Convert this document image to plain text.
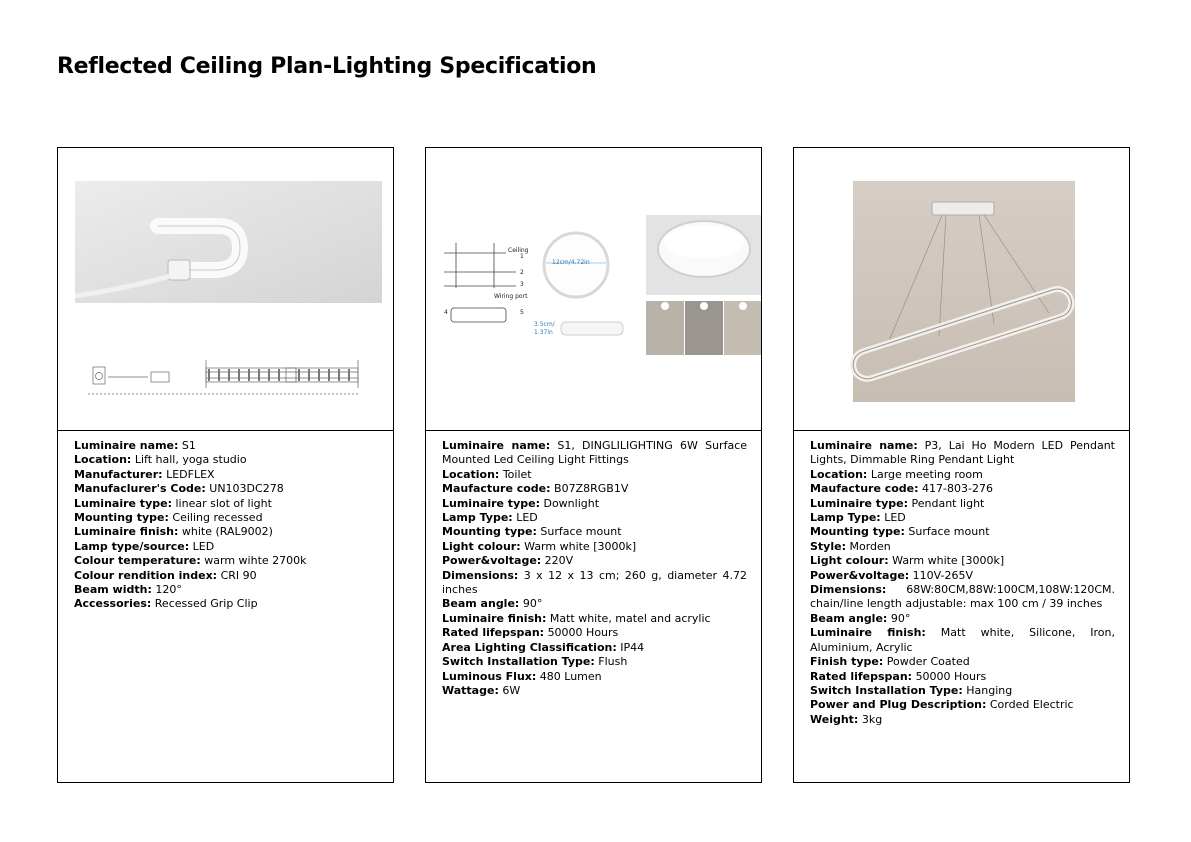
Reflected Ceiling Plan-Lighting Specification

Luminaire name: S1

Location: Lift hall, yoga studio

Manufacturer: LEDFLEX

Manufaclurer's Code: UN103DC278

Luminaire type: linear slot of light

Mounting type: Ceiling recessed

Luminaire finish: white (RAL9002)

Lamp type/source: LED

Colour temperature: warm wihte 2700k

Colour rendition index: CRI 90

Beam width: 120°

Accessories: Recessed Grip Clip

Ceiling
Wiring port
1
2
3
4	5
12cm/4.72in
3.5cm/
1.37in

Luminaire name: S1, DINGLILIGHTING 6W Surface Mounted Led Ceiling Light Fittings

Location: Toilet

Maufacture code: B07Z8RGB1V

Luminaire type: Downlight

Lamp Type: LED

Mounting type: Surface mount

Light colour: Warm white [3000k]

Power&voltage: 220V

Dimensions: 3 x 12 x 13 cm; 260 g, diameter 4.72 inches

Beam angle: 90°

Luminaire finish: Matt white, matel and acrylic

Rated lifepspan: 50000 Hours

Area Lighting Classification: IP44

Switch Installation Type: Flush

Luminous Flux: 480 Lumen

Wattage: 6W

Luminaire name: P3, Lai Ho Modern LED Pendant Lights, Dimmable Ring Pendant Light

Location: Large meeting room

Maufacture code: 417-803-276

Luminaire type: Pendant light

Lamp Type: LED

Mounting type: Surface mount

Style: Morden

Light colour: Warm white [3000k]

Power&voltage: 110V-265V

Dimensions: 68W:80CM,88W:100CM,108W:120CM. chain/line length adjustable: max 100 cm / 39 inches

Beam angle: 90°

Luminaire finish: Matt white, Silicone, Iron, Aluminium, Acrylic

Finish type: Powder Coated

Rated lifepspan: 50000 Hours

Switch Installation Type: Hanging

Power and Plug Description: Corded Electric

Weight: 3kg
